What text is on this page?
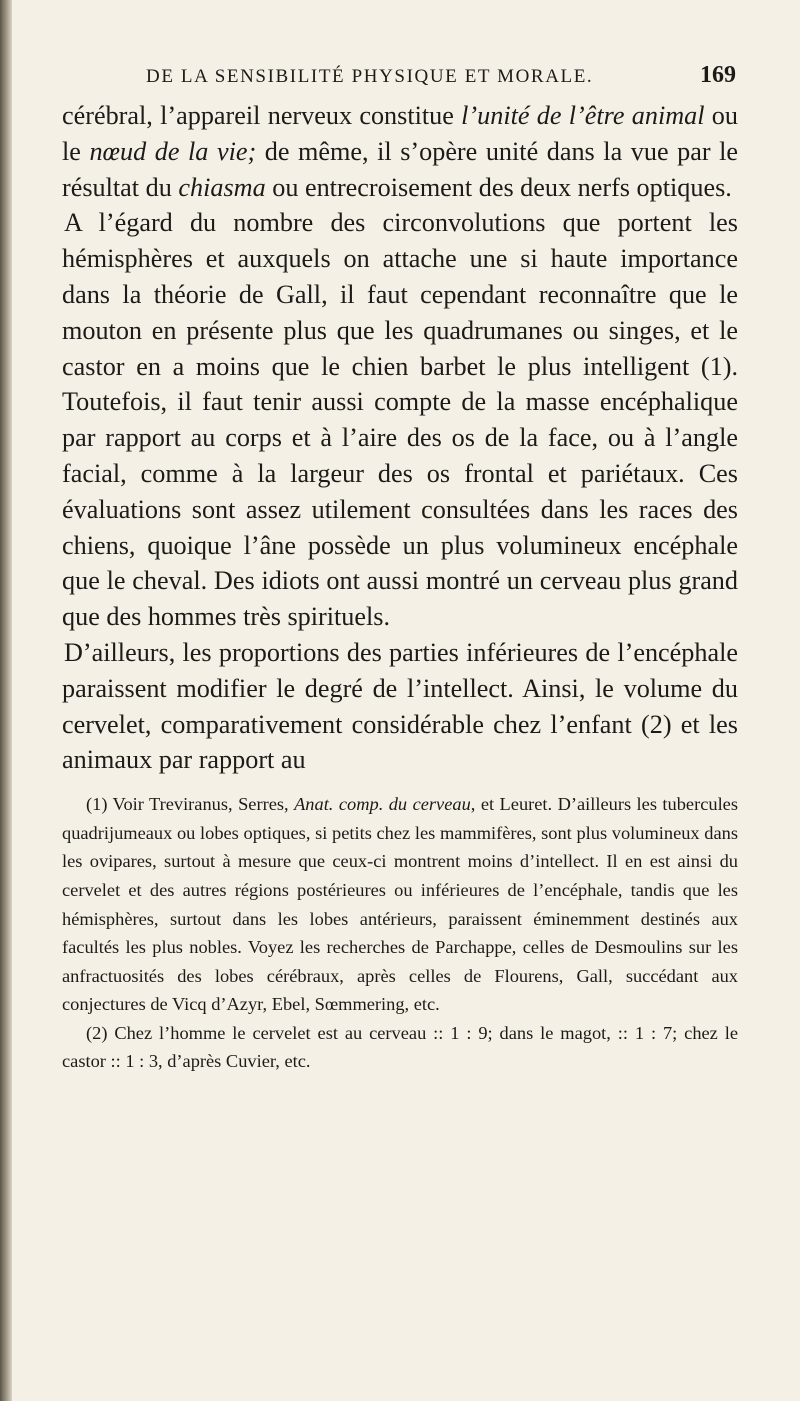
DE LA SENSIBILITÉ PHYSIQUE ET MORALE.	169

cérébral, l’appareil nerveux constitue l’unité de l’être animal ou le nœud de la vie; de même, il s’opère unité dans la vue par le résultat du chiasma ou entrecroisement des deux nerfs optiques.

A l’égard du nombre des circonvolutions que portent les hémisphères et auxquels on attache une si haute importance dans la théorie de Gall, il faut cependant reconnaître que le mouton en présente plus que les quadrumanes ou singes, et le castor en a moins que le chien barbet le plus intelligent (1). Toutefois, il faut tenir aussi compte de la masse encéphalique par rapport au corps et à l’aire des os de la face, ou à l’angle facial, comme à la largeur des os frontal et pariétaux. Ces évaluations sont assez utilement consultées dans les races des chiens, quoique l’âne possède un plus volumineux encéphale que le cheval. Des idiots ont aussi montré un cerveau plus grand que des hommes très spirituels.

D’ailleurs, les proportions des parties inférieures de l’encéphale paraissent modifier le degré de l’intellect. Ainsi, le volume du cervelet, comparativement considérable chez l’enfant (2) et les animaux par rapport au

(1) Voir Treviranus, Serres, Anat. comp. du cerveau, et Leuret. D’ailleurs les tubercules quadrijumeaux ou lobes optiques, si petits chez les mammifères, sont plus volumineux dans les ovipares, surtout à mesure que ceux-ci montrent moins d’intellect. Il en est ainsi du cervelet et des autres régions postérieures ou inférieures de l’encéphale, tandis que les hémisphères, surtout dans les lobes antérieurs, paraissent éminemment destinés aux facultés les plus nobles. Voyez les recherches de Parchappe, celles de Desmoulins sur les anfractuosités des lobes cérébraux, après celles de Flourens, Gall, succédant aux conjectures de Vicq d’Azyr, Ebel, Sœmmering, etc.

(2) Chez l’homme le cervelet est au cerveau :: 1 : 9; dans le magot, :: 1 : 7; chez le castor :: 1 : 3, d’après Cuvier, etc.
